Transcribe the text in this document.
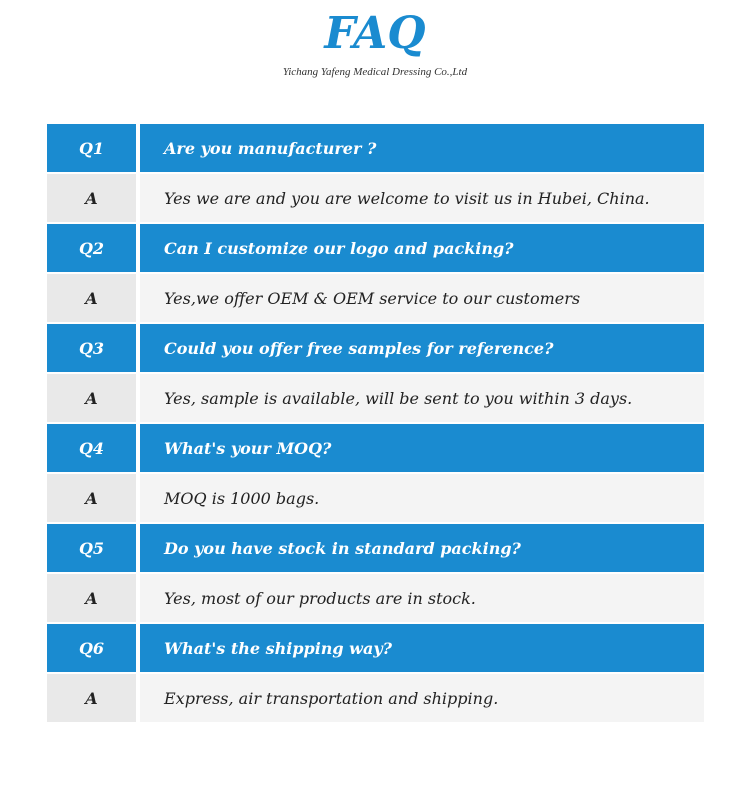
FAQ
Yichang Yafeng Medical Dressing Co.,Ltd
Q1	Are you manufacturer ?
A	Yes we are and you are welcome to visit us in Hubei, China.
Q2	Can I customize our logo and packing?
A	Yes,we offer OEM & OEM service to our customers
Q3	Could you offer free samples for reference?
A	Yes, sample is available, will be sent to you within 3 days.
Q4	What's your MOQ?
A	MOQ is 1000 bags.
Q5	Do you have stock in standard packing?
A	Yes, most of our products are in stock.
Q6	What's the shipping way?
A	Express, air transportation and shipping.
